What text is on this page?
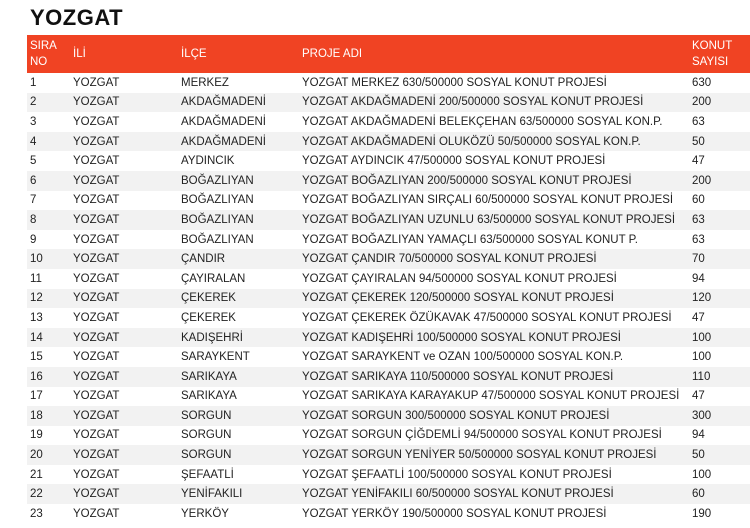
YOZGAT
SIRA
NO	İLİ	İLÇE	PROJE ADI	KONUT
SAYISI
1	YOZGAT	MERKEZ	YOZGAT MERKEZ 630/500000 SOSYAL KONUT PROJESİ	630
2	YOZGAT	AKDAĞMADENİ	YOZGAT AKDAĞMADENİ 200/500000 SOSYAL KONUT PROJESİ	200
3	YOZGAT	AKDAĞMADENİ	YOZGAT AKDAĞMADENİ BELEKÇEHAN 63/500000 SOSYAL KON.P.	63
4	YOZGAT	AKDAĞMADENİ	YOZGAT AKDAĞMADENİ OLUKÖZÜ 50/500000 SOSYAL KON.P.	50
5	YOZGAT	AYDINCIK	YOZGAT AYDINCIK 47/500000 SOSYAL KONUT PROJESİ	47
6	YOZGAT	BOĞAZLIYAN	YOZGAT BOĞAZLIYAN 200/500000 SOSYAL KONUT PROJESİ	200
7	YOZGAT	BOĞAZLIYAN	YOZGAT BOĞAZLIYAN SIRÇALI 60/500000 SOSYAL KONUT PROJESİ	60
8	YOZGAT	BOĞAZLIYAN	YOZGAT BOĞAZLIYAN UZUNLU 63/500000 SOSYAL KONUT PROJESİ	63
9	YOZGAT	BOĞAZLIYAN	YOZGAT BOĞAZLIYAN YAMAÇLI 63/500000 SOSYAL KONUT P.	63
10	YOZGAT	ÇANDIR	YOZGAT ÇANDIR 70/500000 SOSYAL KONUT PROJESİ	70
11	YOZGAT	ÇAYIRALAN	YOZGAT ÇAYIRALAN 94/500000 SOSYAL KONUT PROJESİ	94
12	YOZGAT	ÇEKEREK	YOZGAT ÇEKEREK 120/500000 SOSYAL KONUT PROJESİ	120
13	YOZGAT	ÇEKEREK	YOZGAT ÇEKEREK ÖZÜKAVAK 47/500000 SOSYAL KONUT PROJESİ	47
14	YOZGAT	KADIŞEHRİ	YOZGAT KADIŞEHRİ 100/500000 SOSYAL KONUT PROJESİ	100
15	YOZGAT	SARAYKENT	YOZGAT SARAYKENT ve OZAN 100/500000 SOSYAL KON.P.	100
16	YOZGAT	SARIKAYA	YOZGAT SARIKAYA 110/500000 SOSYAL KONUT PROJESİ	110
17	YOZGAT	SARIKAYA	YOZGAT SARIKAYA KARAYAKUP 47/500000 SOSYAL KONUT PROJESİ	47
18	YOZGAT	SORGUN	YOZGAT SORGUN 300/500000 SOSYAL KONUT PROJESİ	300
19	YOZGAT	SORGUN	YOZGAT SORGUN ÇİĞDEMLİ 94/500000 SOSYAL KONUT PROJESİ	94
20	YOZGAT	SORGUN	YOZGAT SORGUN YENİYER 50/500000 SOSYAL KONUT PROJESİ	50
21	YOZGAT	ŞEFAATLİ	YOZGAT ŞEFAATLİ 100/500000 SOSYAL KONUT PROJESİ	100
22	YOZGAT	YENİFAKILI	YOZGAT YENİFAKILI 60/500000 SOSYAL KONUT PROJESİ	60
23	YOZGAT	YERKÖY	YOZGAT YERKÖY 190/500000 SOSYAL KONUT PROJESİ	190
